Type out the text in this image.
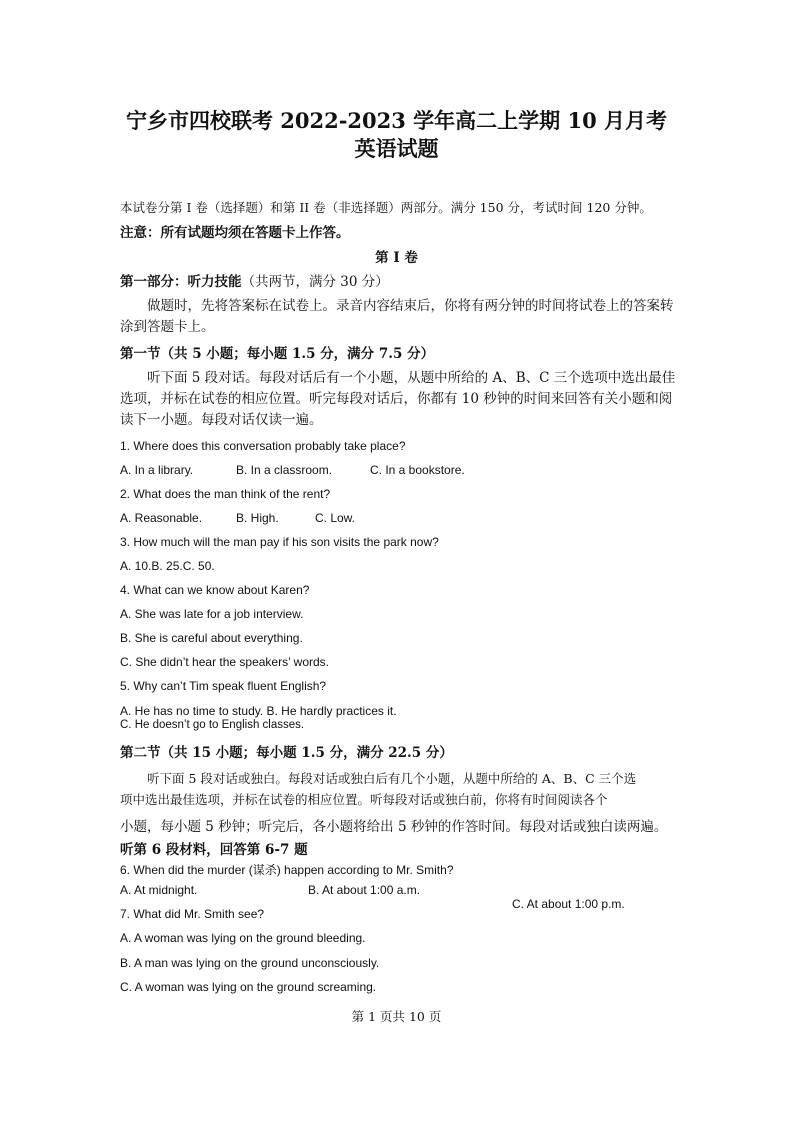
宁乡市四校联考 2022-2023 学年高二上学期 10 月月考
英语试题
本试卷分第 I 卷（选择题）和第 II 卷（非选择题）两部分。满分 150 分，考试时间 120 分钟。
注意：所有试题均须在答题卡上作答。
第 I 卷
第一部分：听力技能（共两节，满分 30 分）
做题时，先将答案标在试卷上。录音内容结束后，你将有两分钟的时间将试卷上的答案转涂到答题卡上。
第一节（共 5 小题；每小题 1.5 分，满分 7.5 分）
听下面 5 段对话。每段对话后有一个小题，从题中所给的 A、B、C 三个选项中选出最佳选项，并标在试卷的相应位置。听完每段对话后，你都有 10 秒钟的时间来回答有关小题和阅读下一小题。每段对话仅读一遍。
1. Where does this conversation probably take place?
A. In a library.	B. In a classroom.	C. In a bookstore.
2. What does the man think of the rent?
A. Reasonable.	B. High.	C. Low.
3. How much will the man pay if his son visits the park now?
A. 10.B. 25.C. 50.
4. What can we know about Karen?
A. She was late for a job interview.
B. She is careful about everything.
C. She didn’t hear the speakers’ words.
5. Why can’t Tim speak fluent English?
A. He has no time to study. B. He hardly practices it.
C. He doesn’t go to English classes.
第二节（共 15 小题；每小题 1.5 分，满分 22.5 分）
听下面 5 段对话或独白。每段对话或独白后有几个小题，从题中所给的 A、B、C 三个选
项中选出最佳选项，并标在试卷的相应位置。听每段对话或独白前，你将有时间阅读各个
小题，每小题 5 秒钟；听完后，各小题将给出 5 秒钟的作答时间。每段对话或独白读两遍。
听第 6 段材料，回答第 6-7 题
6. When did the murder (谋杀) happen according to Mr. Smith?
A. At midnight.	B. At about 1:00 a.m.
C. At about 1:00 p.m.
7. What did Mr. Smith see?
A. A woman was lying on the ground bleeding.
B. A man was lying on the ground unconsciously.
C. A woman was lying on the ground screaming.
第 1 页共 10 页
